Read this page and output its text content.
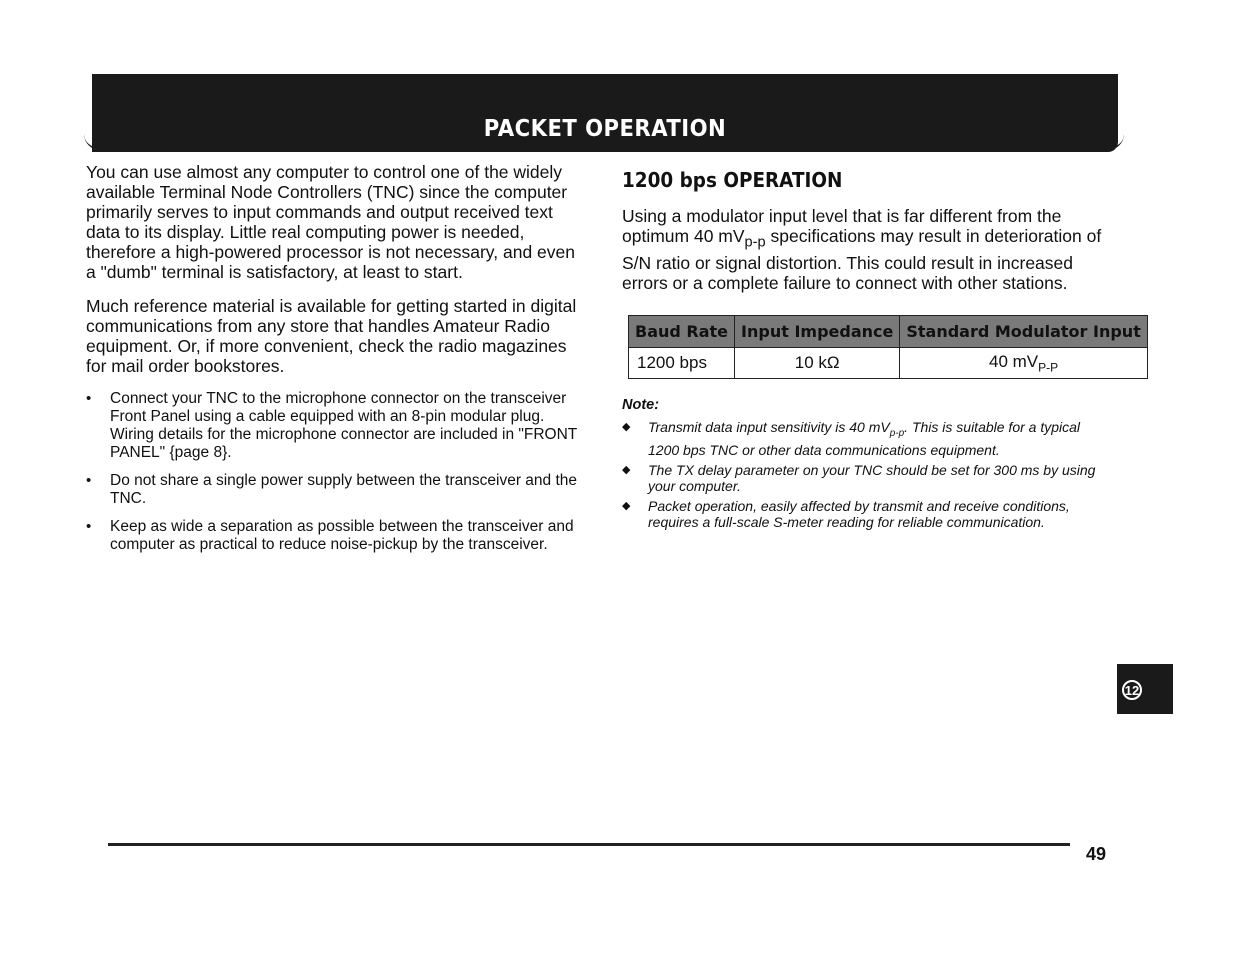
PACKET OPERATION

You can use almost any computer to control one of the widely available Terminal Node Controllers (TNC) since the computer primarily serves to input commands and output received text data to its display. Little real computing power is needed, therefore a high-powered processor is not necessary, and even a "dumb" terminal is satisfactory, at least to start.

Much reference material is available for getting started in digital communications from any store that handles Amateur Radio equipment. Or, if more convenient, check the radio magazines for mail order bookstores.

• Connect your TNC to the microphone connector on the transceiver Front Panel using a cable equipped with an 8-pin modular plug. Wiring details for the microphone connector are included in "FRONT PANEL" {page 8}.
• Do not share a single power supply between the transceiver and the TNC.
• Keep as wide a separation as possible between the transceiver and computer as practical to reduce noise-pickup by the transceiver.
1200 bps OPERATION

Using a modulator input level that is far different from the optimum 40 $mV_{p-p}$ specifications may result in deterioration of S/N ratio or signal distortion. This could result in increased errors or a complete failure to connect with other stations.

Baud Rate	Input Impedance	Standard Modulator Input
1200 bps	10 kΩ	40 $mV_{P-P}$
Note:
◆ Transmit data input sensitivity is 40 $mV_{p-p}$. This is suitable for a typical 1200 bps TNC or other data communications equipment.
◆ The TX delay parameter on your TNC should be set for 300 ms by using your computer.
◆ Packet operation, easily affected by transmit and receive conditions, requires a full-scale S-meter reading for reliable communication.
12
49
